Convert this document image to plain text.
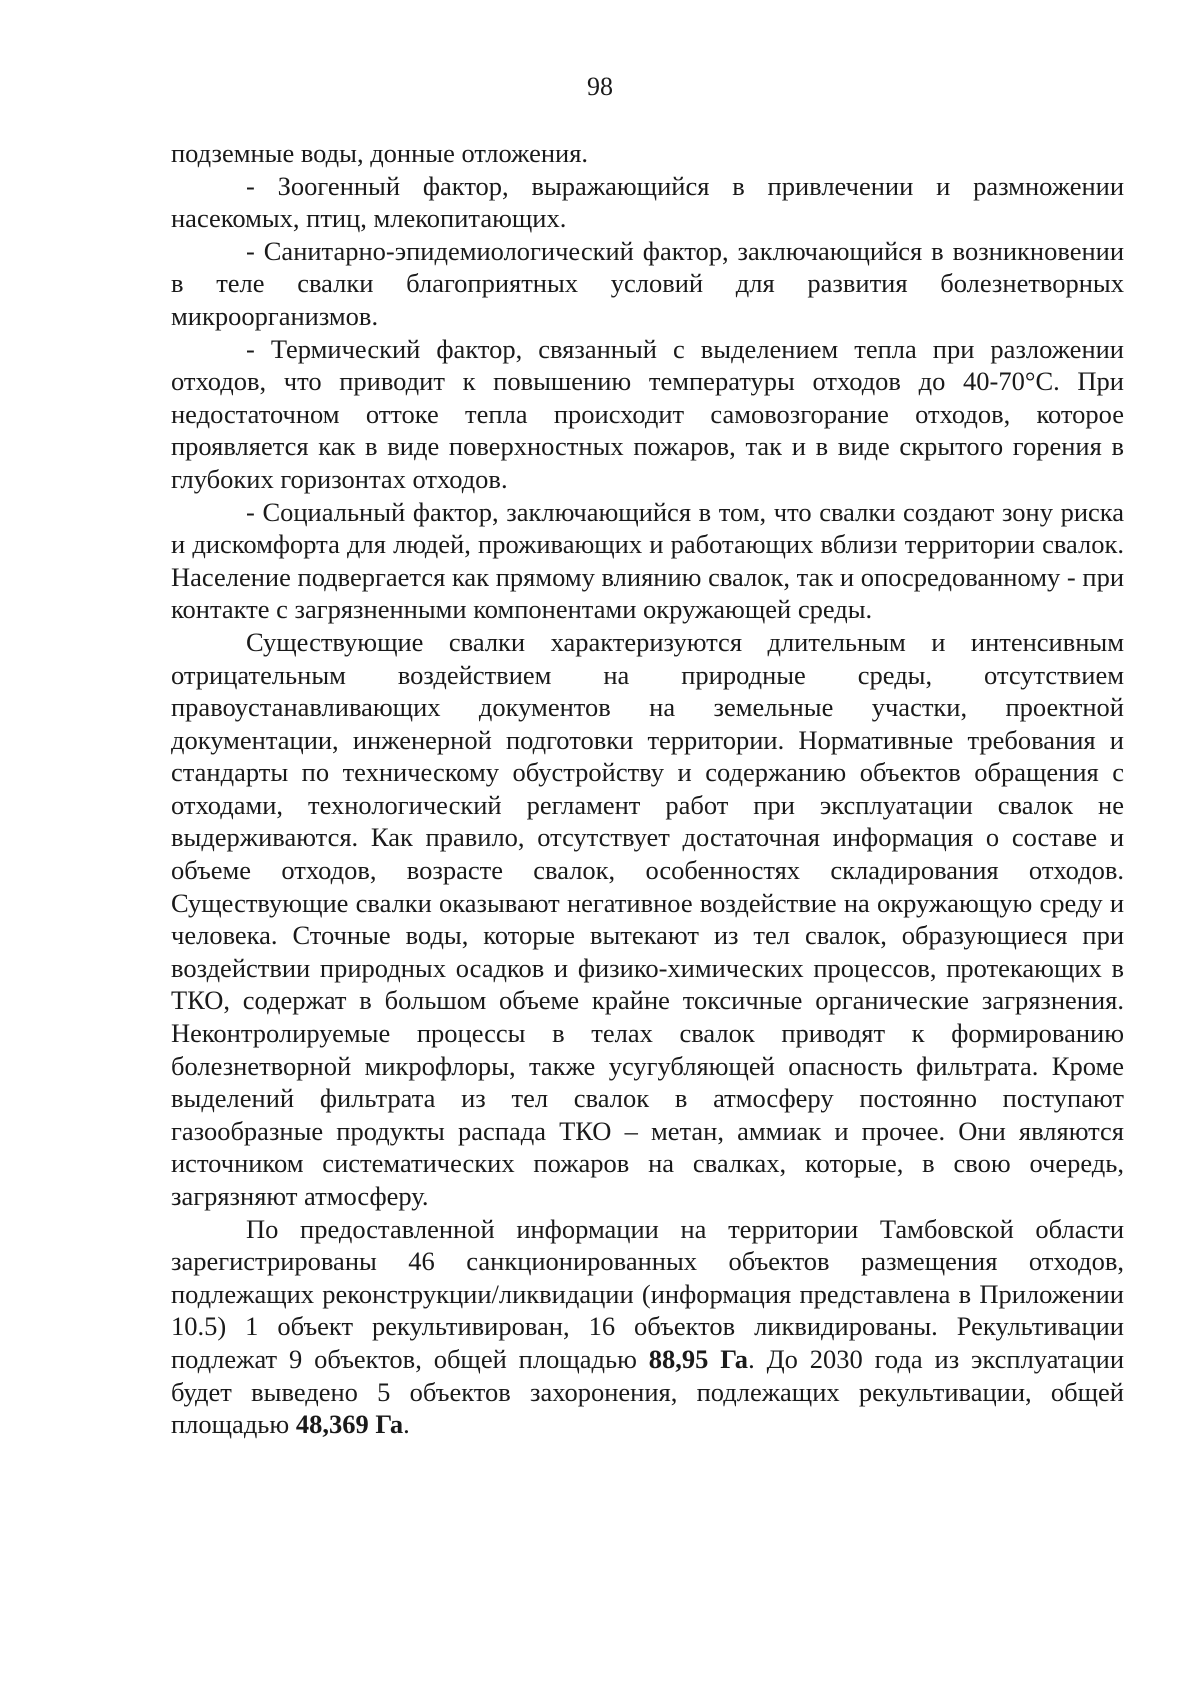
98

подземные воды, донные отложения.

- Зоогенный фактор, выражающийся в привлечении и размножении насекомых, птиц, млекопитающих.

- Санитарно-эпидемиологический фактор, заключающийся в возникновении в теле свалки благоприятных условий для развития болезнетворных микроорганизмов.

- Термический фактор, связанный с выделением тепла при разложении отходов, что приводит к повышению температуры отходов до 40-70°С. При недостаточном оттоке тепла происходит самовозгорание отходов, которое проявляется как в виде поверхностных пожаров, так и в виде скрытого горения в глубоких горизонтах отходов.

- Социальный фактор, заключающийся в том, что свалки создают зону риска и дискомфорта для людей, проживающих и работающих вблизи территории свалок. Население подвергается как прямому влиянию свалок, так и опосредованному - при контакте с загрязненными компонентами окружающей среды.

Существующие свалки характеризуются длительным и интенсивным отрицательным воздействием на природные среды, отсутствием правоустанавливающих документов на земельные участки, проектной документации, инженерной подготовки территории. Нормативные требования и стандарты по техническому обустройству и содержанию объектов обращения с отходами, технологический регламент работ при эксплуатации свалок не выдерживаются. Как правило, отсутствует достаточная информация о составе и объеме отходов, возрасте свалок, особенностях складирования отходов. Существующие свалки оказывают негативное воздействие на окружающую среду и человека. Сточные воды, которые вытекают из тел свалок, образующиеся при воздействии природных осадков и физико-химических процессов, протекающих в ТКО, содержат в большом объеме крайне токсичные органические загрязнения. Неконтролируемые процессы в телах свалок приводят к формированию болезнетворной микрофлоры, также усугубляющей опасность фильтрата. Кроме выделений фильтрата из тел свалок в атмосферу постоянно поступают газообразные продукты распада ТКО – метан, аммиак и прочее. Они являются источником систематических пожаров на свалках, которые, в свою очередь, загрязняют атмосферу.

По предоставленной информации на территории Тамбовской области зарегистрированы 46 санкционированных объектов размещения отходов, подлежащих реконструкции/ликвидации (информация представлена в Приложении 10.5) 1 объект рекультивирован, 16 объектов ликвидированы. Рекультивации подлежат 9 объектов, общей площадью 88,95 Га. До 2030 года из эксплуатации будет выведено 5 объектов захоронения, подлежащих рекультивации, общей площадью 48,369 Га.
